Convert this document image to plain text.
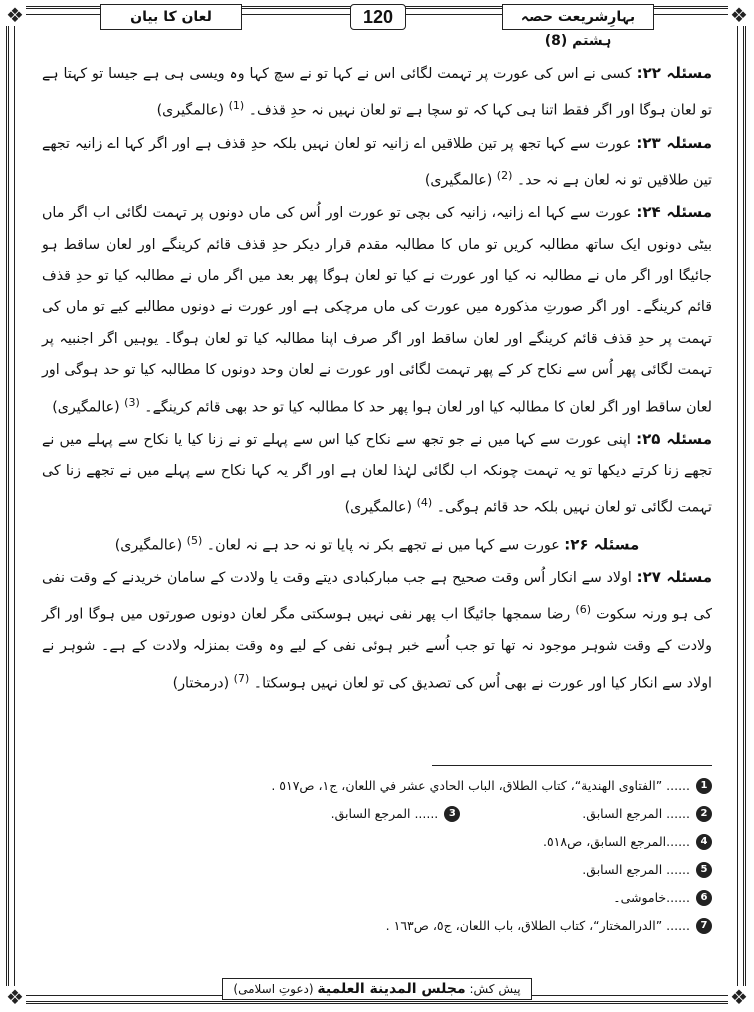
❖	❖
❖	❖
لعان کا بیان	120	بہارِشریعت حصہ ہشتم (8)

مسئلہ ۲۲: کسی نے اس کی عورت پر تہمت لگائی اس نے کہا تو نے سچ کہا وہ ویسی ہی ہے جیسا تو کہتا ہے تو لعان ہوگا اور اگر فقط اتنا ہی کہا کہ تو سچا ہے تو لعان نہیں نہ حدِ قذف۔ $^{(1)}$ (عالمگیری)

مسئلہ ۲۳: عورت سے کہا تجھ پر تین طلاقیں اے زانیہ تو لعان نہیں بلکہ حدِ قذف ہے اور اگر کہا اے زانیہ تجھے تین طلاقیں تو نہ لعان ہے نہ حد۔ $^{(2)}$ (عالمگیری)

مسئلہ ۲۴: عورت سے کہا اے زانیہ، زانیہ کی بچی تو عورت اور اُس کی ماں دونوں پر تہمت لگائی اب اگر ماں بیٹی دونوں ایک ساتھ مطالبہ کریں تو ماں کا مطالبہ مقدم قرار دیکر حدِ قذف قائم کرینگے اور لعان ساقط ہو جائیگا اور اگر ماں نے مطالبہ نہ کیا اور عورت نے کیا تو لعان ہوگا پھر بعد میں اگر ماں نے مطالبہ کیا تو حدِ قذف قائم کرینگے۔ اور اگر صورتِ مذکورہ میں عورت کی ماں مرچکی ہے اور عورت نے دونوں مطالبے کیے تو ماں کی تہمت پر حدِ قذف قائم کرینگے اور لعان ساقط اور اگر صرف اپنا مطالبہ کیا تو لعان ہوگا۔ یوہیں اگر اجنبیہ پر تہمت لگائی پھر اُس سے نکاح کر کے پھر تہمت لگائی اور عورت نے لعان وحد دونوں کا مطالبہ کیا تو حد ہوگی اور لعان ساقط اور اگر لعان کا مطالبہ کیا اور لعان ہوا پھر حد کا مطالبہ کیا تو حد بھی قائم کرینگے۔ $^{(3)}$ (عالمگیری)

مسئلہ ۲۵: اپنی عورت سے کہا میں نے جو تجھ سے نکاح کیا اس سے پہلے تو نے زنا کیا یا نکاح سے پہلے میں نے تجھے زنا کرتے دیکھا تو یہ تہمت چونکہ اب لگائی لہٰذا لعان ہے اور اگر یہ کہا نکاح سے پہلے میں نے تجھے زنا کی تہمت لگائی تو لعان نہیں بلکہ حد قائم ہوگی۔ $^{(4)}$ (عالمگیری)

مسئلہ ۲۶: عورت سے کہا میں نے تجھے بکر نہ پایا تو نہ حد ہے نہ لعان۔ $^{(5)}$ (عالمگیری)

مسئلہ ۲۷: اولاد سے انکار اُس وقت صحیح ہے جب مبارکبادی دیتے وقت یا ولادت کے سامان خریدنے کے وقت نفی کی ہو ورنہ سکوت $^{(6)}$ رضا سمجھا جائیگا اب پھر نفی نہیں ہوسکتی مگر لعان دونوں صورتوں میں ہوگا اور اگر ولادت کے وقت شوہر موجود نہ تھا تو جب اُسے خبر ہوئی نفی کے لیے وہ وقت بمنزلہ ولادت کے ہے۔ شوہر نے اولاد سے انکار کیا اور عورت نے بھی اُس کی تصدیق کی تو لعان نہیں ہوسکتا۔ $^{(7)}$ (درمختار)

1
...... ”الفتاوی الهندية“، كتاب الطلاق، الباب الحادي عشر في اللعان، ج١، ص٥١٧ .
2
...... المرجع السابق.
3
...... المرجع السابق.
4
......المرجع السابق، ص٥١٨.
5
...... المرجع السابق.
6
......خاموشی۔
7
...... ”الدرالمختار“، كتاب الطلاق، باب اللعان، ج٥، ص١٦٣ .
پیش کش: مجلس المدينة العلمية (دعوتِ اسلامی)
